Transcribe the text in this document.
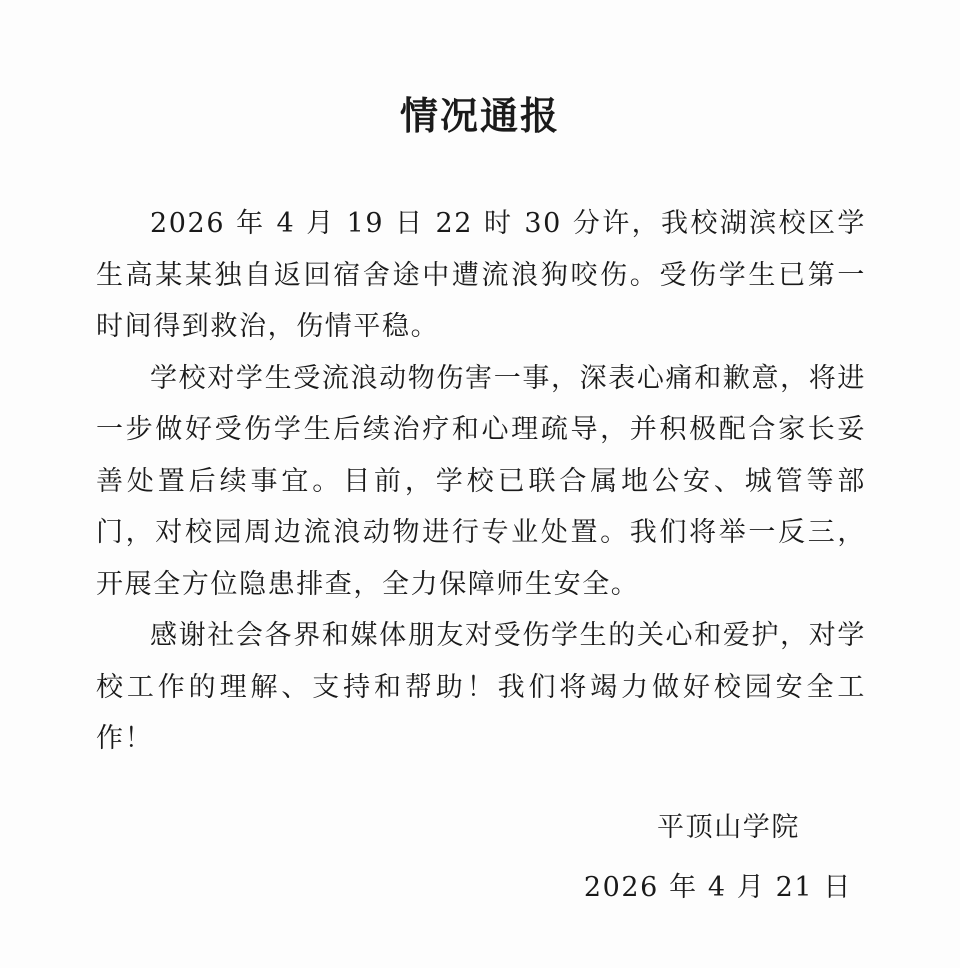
情况通报

2026 年 4 月 19 日 22 时 30 分许，我校湖滨校区学生高某某独自返回宿舍途中遭流浪狗咬伤。受伤学生已第一时间得到救治，伤情平稳。

学校对学生受流浪动物伤害一事，深表心痛和歉意，将进一步做好受伤学生后续治疗和心理疏导，并积极配合家长妥善处置后续事宜。目前，学校已联合属地公安、城管等部门，对校园周边流浪动物进行专业处置。我们将举一反三，开展全方位隐患排查，全力保障师生安全。

感谢社会各界和媒体朋友对受伤学生的关心和爱护，对学校工作的理解、支持和帮助！我们将竭力做好校园安全工作！

平顶山学院
2026 年 4 月 21 日
